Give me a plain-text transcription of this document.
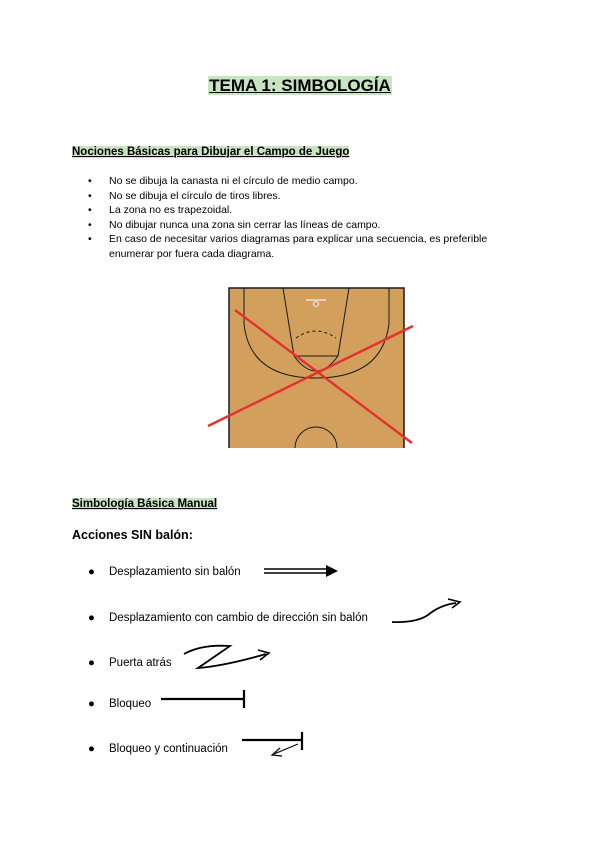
TEMA 1: SIMBOLOGÍA
Nociones Básicas para Dibujar el Campo de Juego
• No se dibuja la canasta ni el círculo de medio campo.
• No se dibuja el círculo de tiros libres.
• La zona no es trapezoidal.
• No dibujar nunca una zona sin cerrar las líneas de campo.
• En caso de necesitar varios diagramas para explicar una secuencia, es preferible enumerar por fuera cada diagrama.
Simbología Básica Manual
Acciones SIN balón:
● Desplazamiento sin balón
● Desplazamiento con cambio de dirección sin balón
● Puerta atrás
● Bloqueo
● Bloqueo y continuación
